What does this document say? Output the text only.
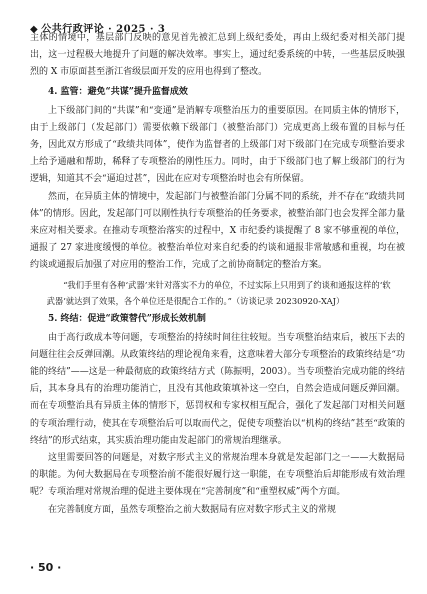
◆ 公共行政评论 · 2025 · 3

主体的情境中，基层部门反映的意见首先被汇总到上级纪委处，再由上级纪委对相关部门提出，这一过程极大地提升了问题的解决效率。事实上，通过纪委系统的中转，一些基层反映强烈的 X 市原面甚至浙江省级层面开发的应用也得到了整改。

4. 监管：避免“共谋”提升监督成效

上下级部门间的“共谋”和“变通”是消解专项整治压力的重要原因。在同质主体的情形下，由于上级部门（发起部门）需要依赖下级部门（被整治部门）完成更高上级布置的目标与任务，因此双方形成了“政绩共同体”，使作为监督者的上级部门对下级部门在完成专项整治要求上给予通融和帮助，稀释了专项整治的刚性压力。同时，由于下级部门也了解上级部门的行为逻辑，知道其不会“逼迫过甚”，因此在应对专项整治时也会有所保留。

然而，在异质主体的情境中，发起部门与被整治部门分属不同的系统，并不存在“政绩共同体”的情形。因此，发起部门可以刚性执行专项整治的任务要求，被整治部门也会发挥全部力量来应对相关要求。在推动专项整治落实的过程中，X 市纪委约谈提醒了 8 家不够重视的单位，通报了 27 家进度缓慢的单位。被整治单位对来自纪委的约谈和通报非常敏感和重视，均在被约谈或通报后加强了对应用的整治工作，完成了之前协商制定的整治方案。

“我们手里有各种‘武器’来针对落实不力的单位，不过实际上只用到了约谈和通报这样的‘软武器’就达到了效果，各个单位还是很配合工作的。”（访谈记录 20230920-XAJ）
5. 终结：促进“政策替代”形成长效机制

由于高行政成本等问题，专项整治的持续时间往往较短。当专项整治结束后，被压下去的问题往往会反弹回潮。从政策终结的理论视角来看，这意味着大部分专项整治的政策终结是“功能的终结”——这是一种最彻底的政策终结方式（陈振明，2003）。当专项整治完成功能的终结后，其本身具有的治理功能消亡，且没有其他政策填补这一空白，自然会造成问题反弹回潮。而在专项整治具有异质主体的情形下，惩罚权和专家权相互配合，强化了发起部门对相关问题的专项治理行动，使其在专项整治后可以取而代之，促使专项整治以“机构的终结”甚至“政策的终结”的形式结束，其实质治理功能由发起部门的常规治理继承。

这里需要回答的问题是，对数字形式主义的常规治理本身就是发起部门之一——大数据局的职能。为何大数据局在专项整治前不能很好履行这一职能，在专项整治后却能形成有效治理呢？专项治理对常规治理的促进主要体现在“完善制度”和“重塑权威”两个方面。

在完善制度方面，虽然专项整治之前大数据局有应对数字形式主义的常规

· 50 ·
